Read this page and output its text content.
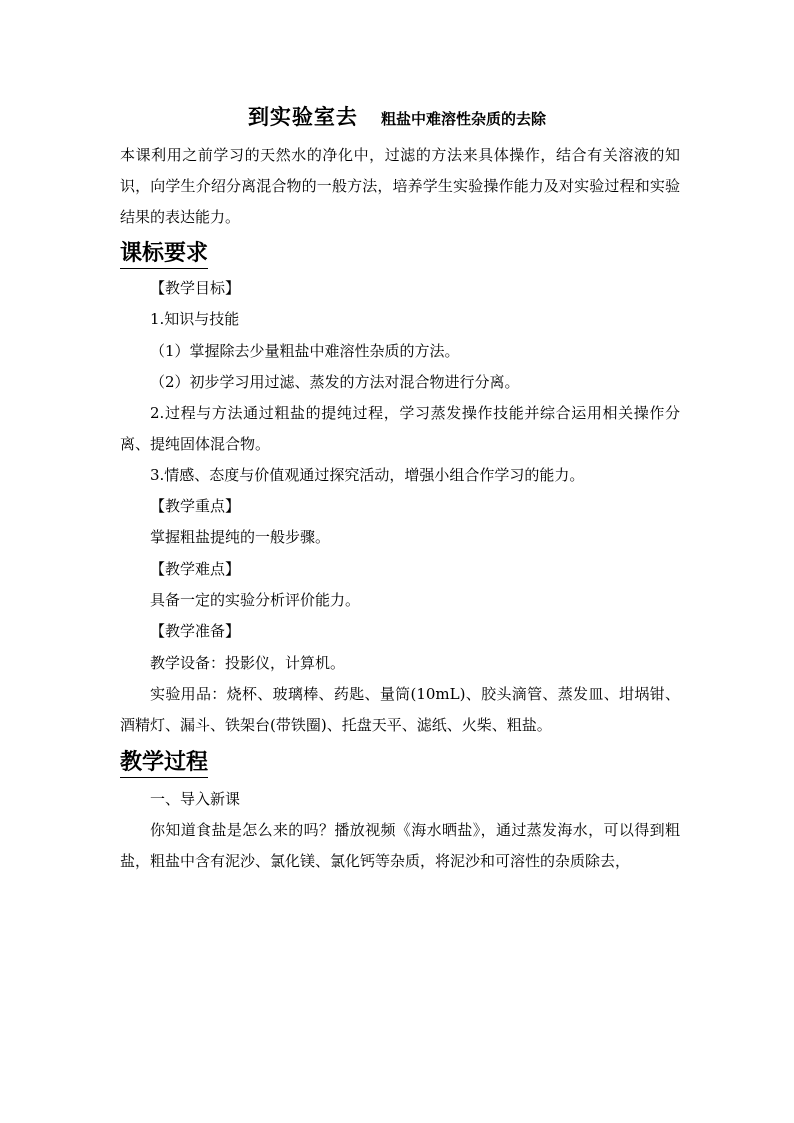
到实验室去 粗盐中难溶性杂质的去除
本课利用之前学习的天然水的净化中，过滤的方法来具体操作，结合有关溶液的知识，向学生介绍分离混合物的一般方法，培养学生实验操作能力及对实验过程和实验结果的表达能力。
课标要求
【教学目标】
1.知识与技能
（1）掌握除去少量粗盐中难溶性杂质的方法。
（2）初步学习用过滤、蒸发的方法对混合物进行分离。
2.过程与方法通过粗盐的提纯过程，学习蒸发操作技能并综合运用相关操作分离、提纯固体混合物。
3.情感、态度与价值观通过探究活动，增强小组合作学习的能力。
【教学重点】
掌握粗盐提纯的一般步骤。
【教学难点】
具备一定的实验分析评价能力。
【教学准备】
教学设备：投影仪，计算机。
实验用品：烧杯、玻璃棒、药匙、量筒(10mL)、胶头滴管、蒸发皿、坩埚钳、酒精灯、漏斗、铁架台(带铁圈)、托盘天平、滤纸、火柴、粗盐。
教学过程
一、导入新课
你知道食盐是怎么来的吗？播放视频《海水晒盐》，通过蒸发海水，可以得到粗盐，粗盐中含有泥沙、氯化镁、氯化钙等杂质，将泥沙和可溶性的杂质除去，
